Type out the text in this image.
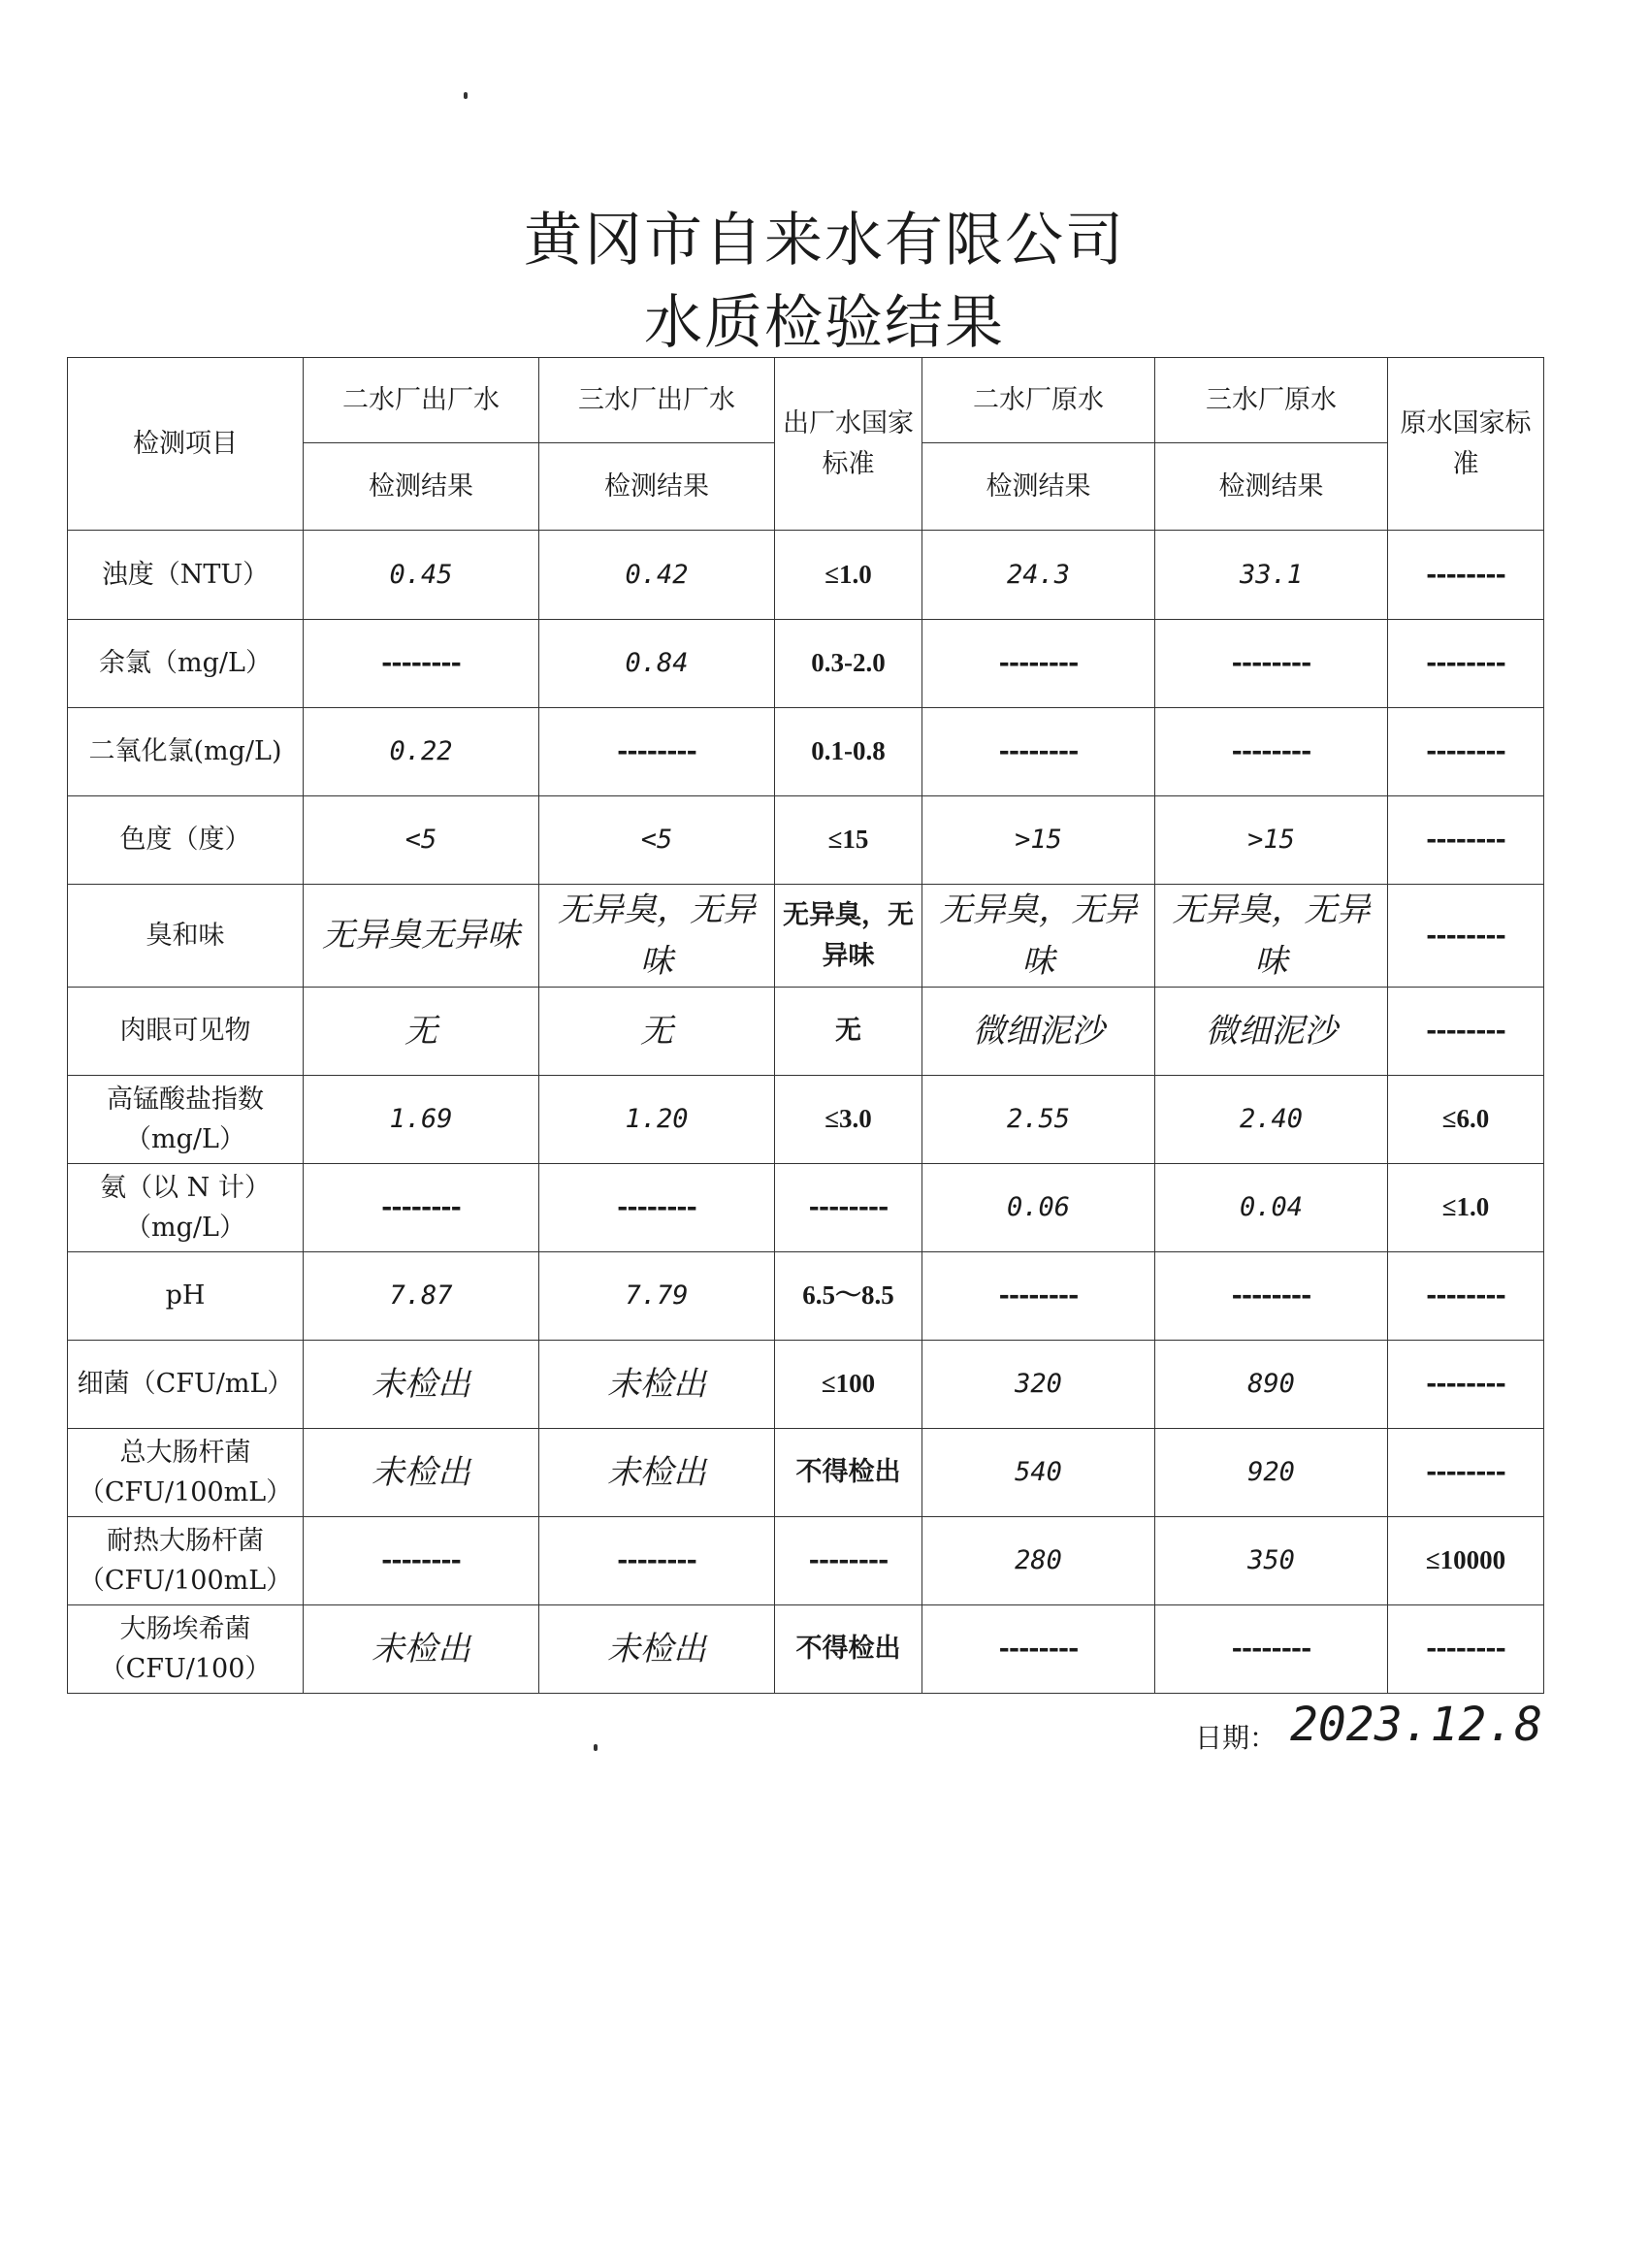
黄冈市自来水有限公司
水质检验结果
检测项目	二水厂出厂水	三水厂出厂水	出厂水国家标准	二水厂原水	三水厂原水	原水国家标准
	检测结果	检测结果		检测结果	检测结果	
浊度（NTU）	0.45	0.42	≤1.0	24.3	33.1	--------
余氯（mg/L）	--------	0.84	0.3-2.0	--------	--------	--------
二氧化氯(mg/L)	0.22	--------	0.1-0.8	--------	--------	--------
色度（度）	<5	<5	≤15	>15	>15	--------
臭和味	无异臭无异味	无异臭，无异味	无异臭，无异味	无异臭，无异味	无异臭，无异味	--------
肉眼可见物	无	无	无	微细泥沙	微细泥沙	--------
高锰酸盐指数（mg/L）	1.69	1.20	≤3.0	2.55	2.40	≤6.0
氨（以 N 计）（mg/L）	--------	--------	--------	0.06	0.04	≤1.0
pH	7.87	7.79	6.5～8.5	--------	--------	--------
细菌（CFU/mL）	未检出	未检出	≤100	320	890	--------
总大肠杆菌（CFU/100mL）	未检出	未检出	不得检出	540	920	--------
耐热大肠杆菌（CFU/100mL）	--------	--------	--------	280	350	≤10000
大肠埃希菌（CFU/100）	未检出	未检出	不得检出	--------	--------	--------
日期： 2023.12.8
